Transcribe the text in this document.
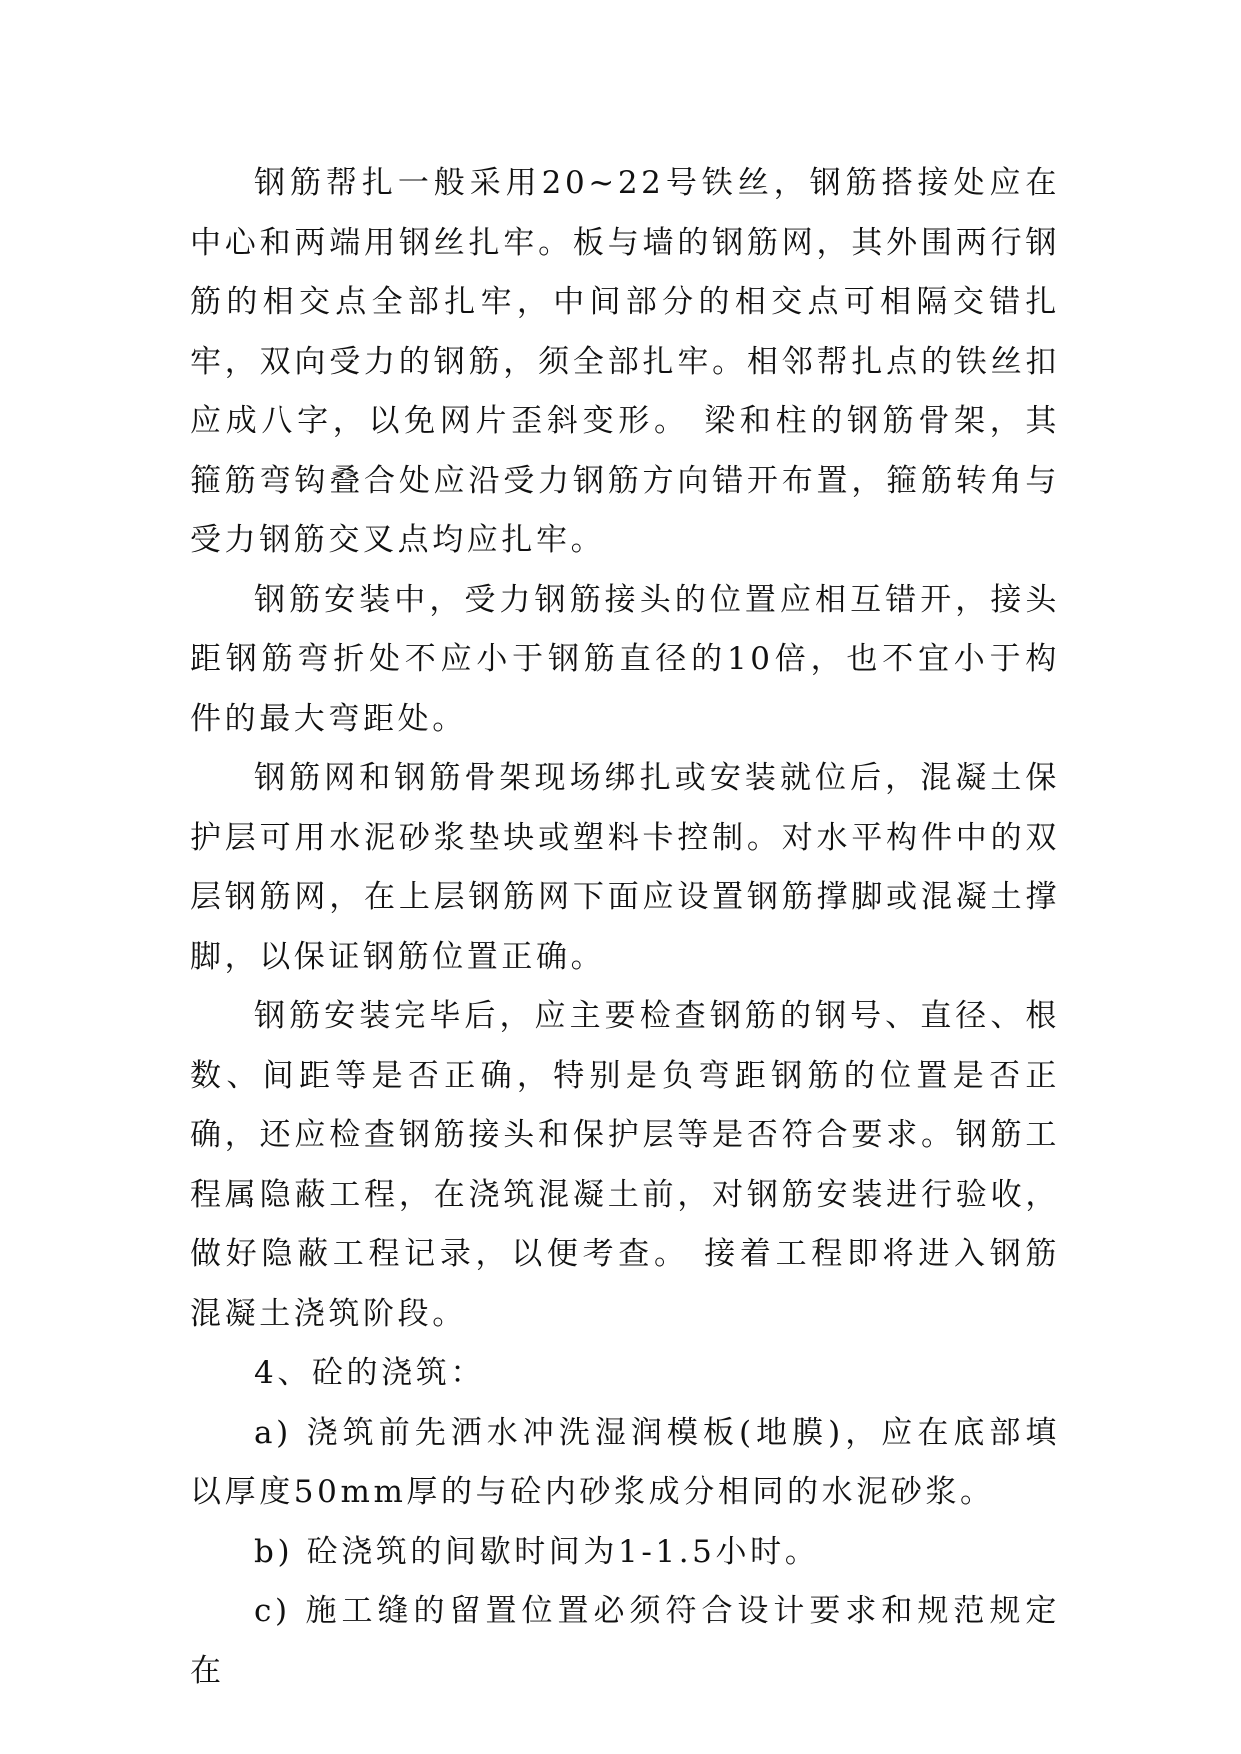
钢筋帮扎一般采用20~22号铁丝，钢筋搭接处应在中心和两端用钢丝扎牢。板与墙的钢筋网，其外围两行钢筋的相交点全部扎牢，中间部分的相交点可相隔交错扎牢，双向受力的钢筋，须全部扎牢。相邻帮扎点的铁丝扣应成八字，以免网片歪斜变形。 梁和柱的钢筋骨架，其箍筋弯钩叠合处应沿受力钢筋方向错开布置，箍筋转角与受力钢筋交叉点均应扎牢。

钢筋安装中，受力钢筋接头的位置应相互错开，接头距钢筋弯折处不应小于钢筋直径的10倍，也不宜小于构件的最大弯距处。

钢筋网和钢筋骨架现场绑扎或安装就位后，混凝土保护层可用水泥砂浆垫块或塑料卡控制。对水平构件中的双层钢筋网，在上层钢筋网下面应设置钢筋撑脚或混凝土撑脚，以保证钢筋位置正确。

钢筋安装完毕后，应主要检查钢筋的钢号、直径、根数、间距等是否正确，特别是负弯距钢筋的位置是否正确，还应检查钢筋接头和保护层等是否符合要求。钢筋工程属隐蔽工程，在浇筑混凝土前，对钢筋安装进行验收，做好隐蔽工程记录，以便考查。 接着工程即将进入钢筋混凝土浇筑阶段。

4、砼的浇筑：

a) 浇筑前先洒水冲洗湿润模板(地膜)，应在底部填以厚度50mm厚的与砼内砂浆成分相同的水泥砂浆。

b) 砼浇筑的间歇时间为1-1.5小时。

c) 施工缝的留置位置必须符合设计要求和规范规定在
